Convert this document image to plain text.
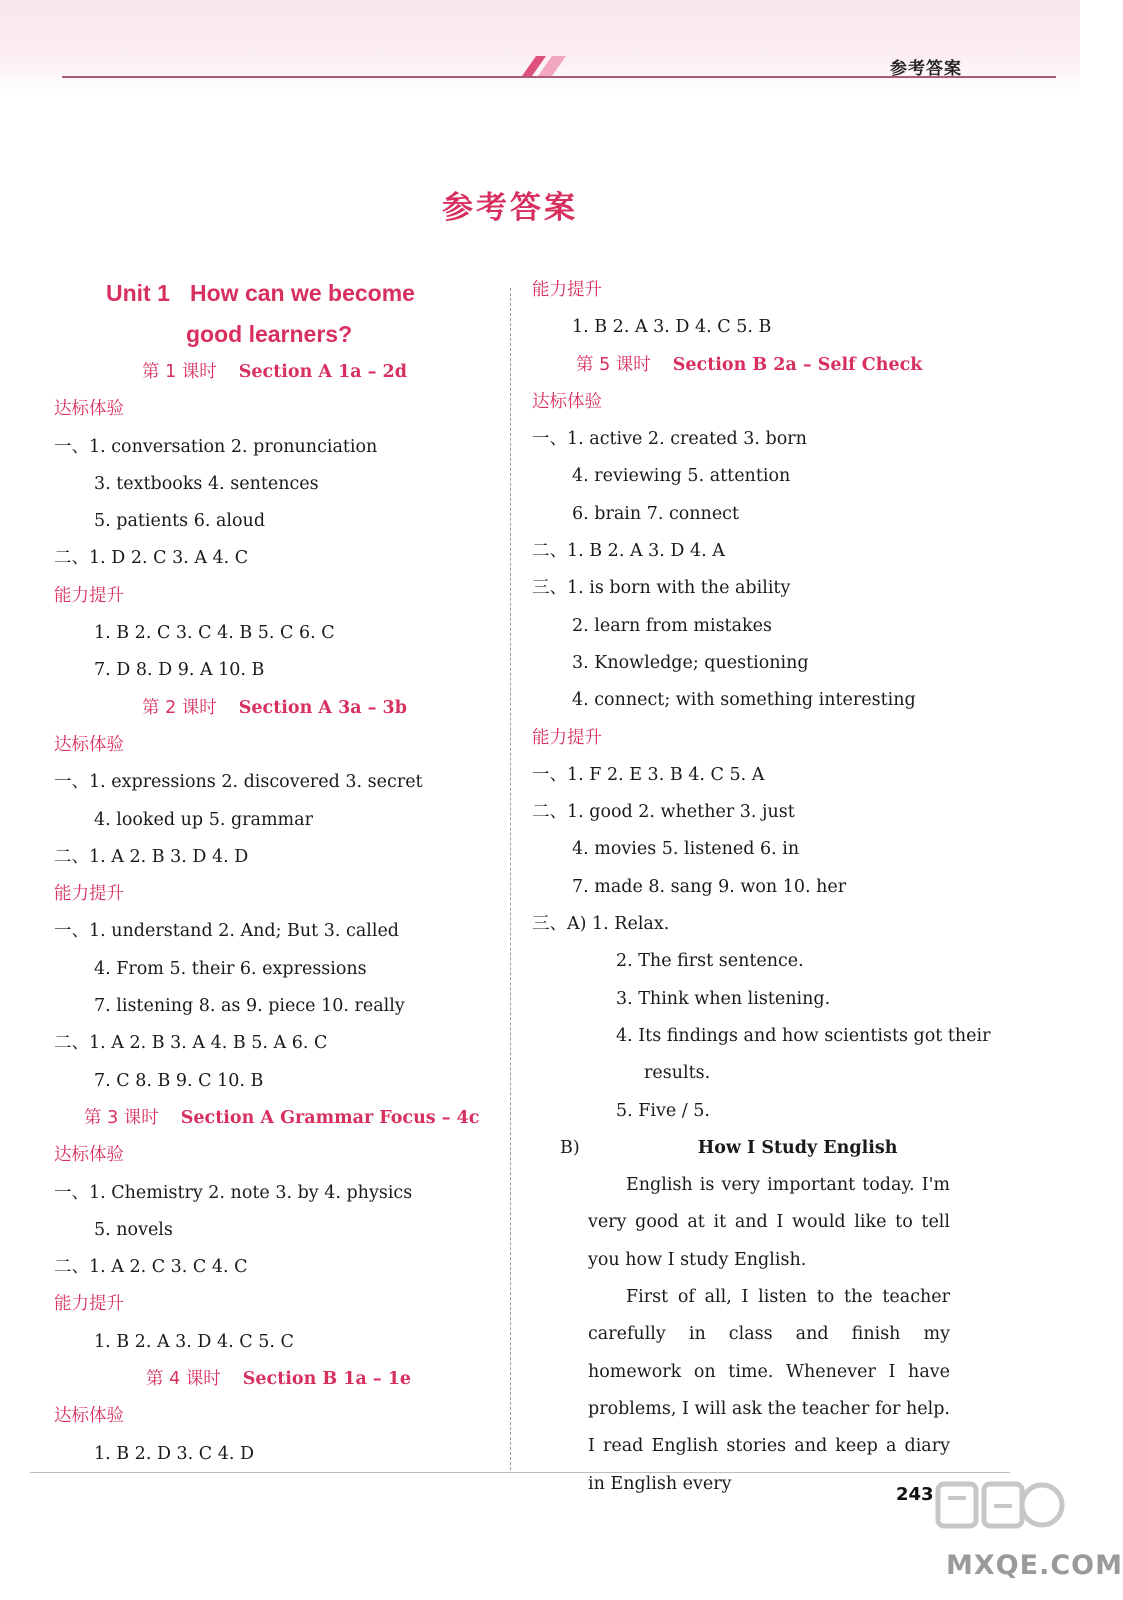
参考答案
参考答案
Unit 1 How can we become
good learners?
第 1 课时 Section A 1a – 2d
达标体验
一、1. conversation 2. pronunciation
3. textbooks 4. sentences
5. patients 6. aloud
二、1. D 2. C 3. A 4. C
能力提升
1. B 2. C 3. C 4. B 5. C 6. C
7. D 8. D 9. A 10. B
第 2 课时 Section A 3a – 3b
达标体验
一、1. expressions 2. discovered 3. secret
4. looked up 5. grammar
二、1. A 2. B 3. D 4. D
能力提升
一、1. understand 2. And; But 3. called
4. From 5. their 6. expressions
7. listening 8. as 9. piece 10. really
二、1. A 2. B 3. A 4. B 5. A 6. C
7. C 8. B 9. C 10. B
第 3 课时 Section A Grammar Focus – 4c
达标体验
一、1. Chemistry 2. note 3. by 4. physics
5. novels
二、1. A 2. C 3. C 4. C
能力提升
1. B 2. A 3. D 4. C 5. C
第 4 课时 Section B 1a – 1e
达标体验
1. B 2. D 3. C 4. D
能力提升
1. B 2. A 3. D 4. C 5. B
第 5 课时 Section B 2a – Self Check
达标体验
一、1. active 2. created 3. born
4. reviewing 5. attention
6. brain 7. connect
二、1. B 2. A 3. D 4. A
三、1. is born with the ability
2. learn from mistakes
3. Knowledge; questioning
4. connect; with something interesting
能力提升
一、1. F 2. E 3. B 4. C 5. A
二、1. good 2. whether 3. just
4. movies 5. listened 6. in
7. made 8. sang 9. won 10. her
三、A) 1. Relax.
2. The first sentence.
3. Think when listening.
4. Its findings and how scientists got their
results.
5. Five / 5.
B)	How I Study English

English is very important today. I'm very good at it and I would like to tell you how I study English.

First of all, I listen to the teacher carefully in class and finish my homework on time. Whenever I have problems, I will ask the teacher for help. I read English stories and keep a diary in English every

243
MXQE.COM
